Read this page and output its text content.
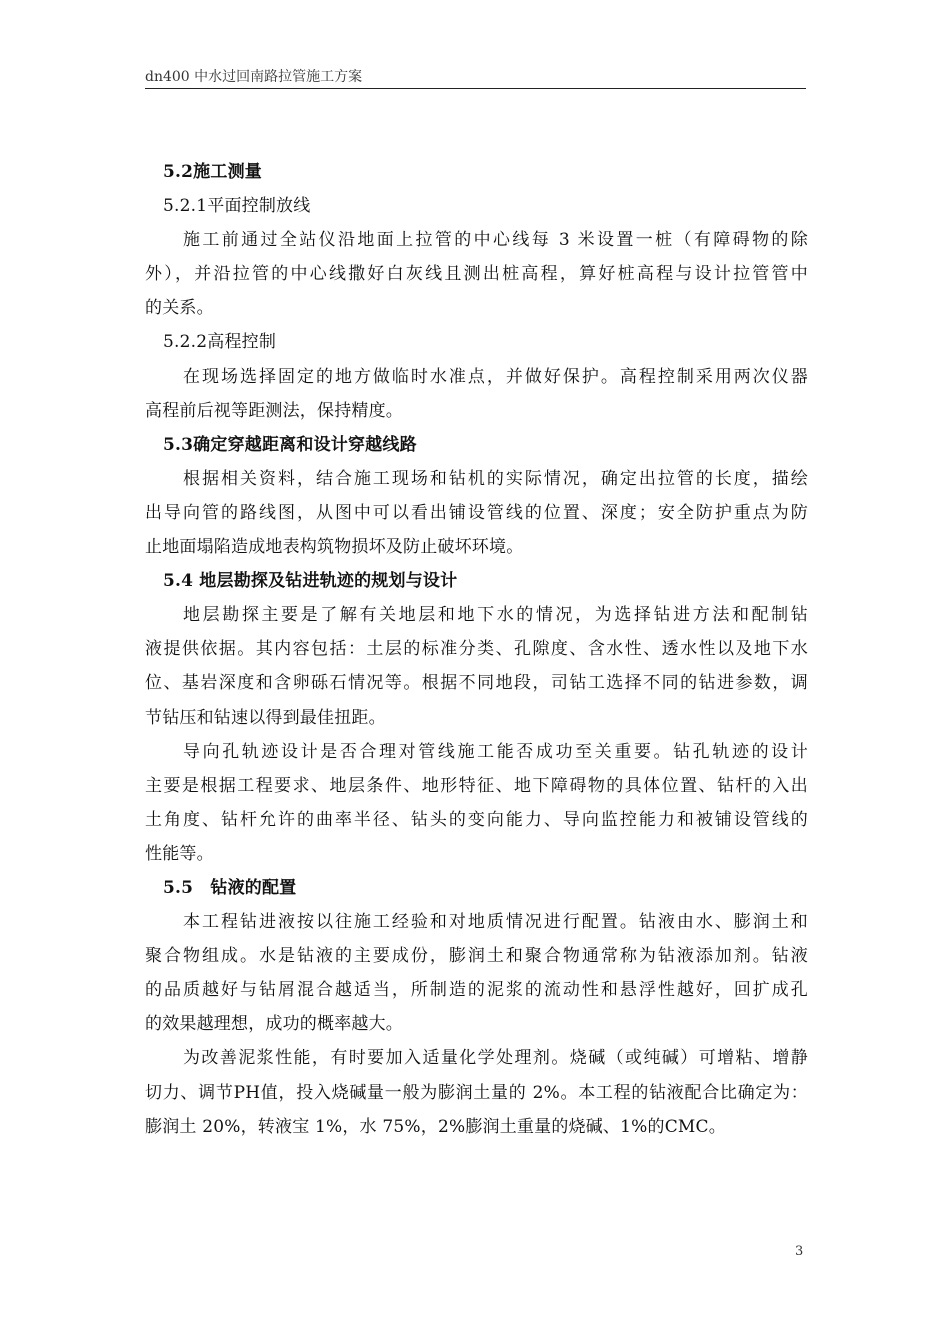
dn400 中水过回南路拉管施工方案
5.2施工测量
5.2.1平面控制放线
施工前通过全站仪沿地面上拉管的中心线每 3 米设置一桩（有障碍物的除
外），并沿拉管的中心线撒好白灰线且测出桩高程，算好桩高程与设计拉管管中
的关系。
5.2.2高程控制
在现场选择固定的地方做临时水准点，并做好保护。高程控制采用两次仪器
高程前后视等距测法，保持精度。
5.3确定穿越距离和设计穿越线路
根据相关资料，结合施工现场和钻机的实际情况，确定出拉管的长度，描绘
出导向管的路线图，从图中可以看出铺设管线的位置、深度；安全防护重点为防
止地面塌陷造成地表构筑物损坏及防止破坏环境。
5.4 地层勘探及钻进轨迹的规划与设计
地层勘探主要是了解有关地层和地下水的情况，为选择钻进方法和配制钻
液提供依据。其内容包括：土层的标准分类、孔隙度、含水性、透水性以及地下水
位、基岩深度和含卵砾石情况等。根据不同地段，司钻工选择不同的钻进参数，调
节钻压和钻速以得到最佳扭距。
导向孔轨迹设计是否合理对管线施工能否成功至关重要。钻孔轨迹的设计
主要是根据工程要求、地层条件、地形特征、地下障碍物的具体位置、钻杆的入出
土角度、钻杆允许的曲率半径、钻头的变向能力、导向监控能力和被铺设管线的
性能等。
5.5　钻液的配置
本工程钻进液按以往施工经验和对地质情况进行配置。钻液由水、膨润土和
聚合物组成。水是钻液的主要成份，膨润土和聚合物通常称为钻液添加剂。钻液
的品质越好与钻屑混合越适当，所制造的泥浆的流动性和悬浮性越好，回扩成孔
的效果越理想，成功的概率越大。
为改善泥浆性能，有时要加入适量化学处理剂。烧碱（或纯碱）可增粘、增静
切力、调节PH值，投入烧碱量一般为膨润土量的 2%。本工程的钻液配合比确定为：
膨润土 20%，转液宝 1%，水 75%，2%膨润土重量的烧碱、1%的CMC。
3
